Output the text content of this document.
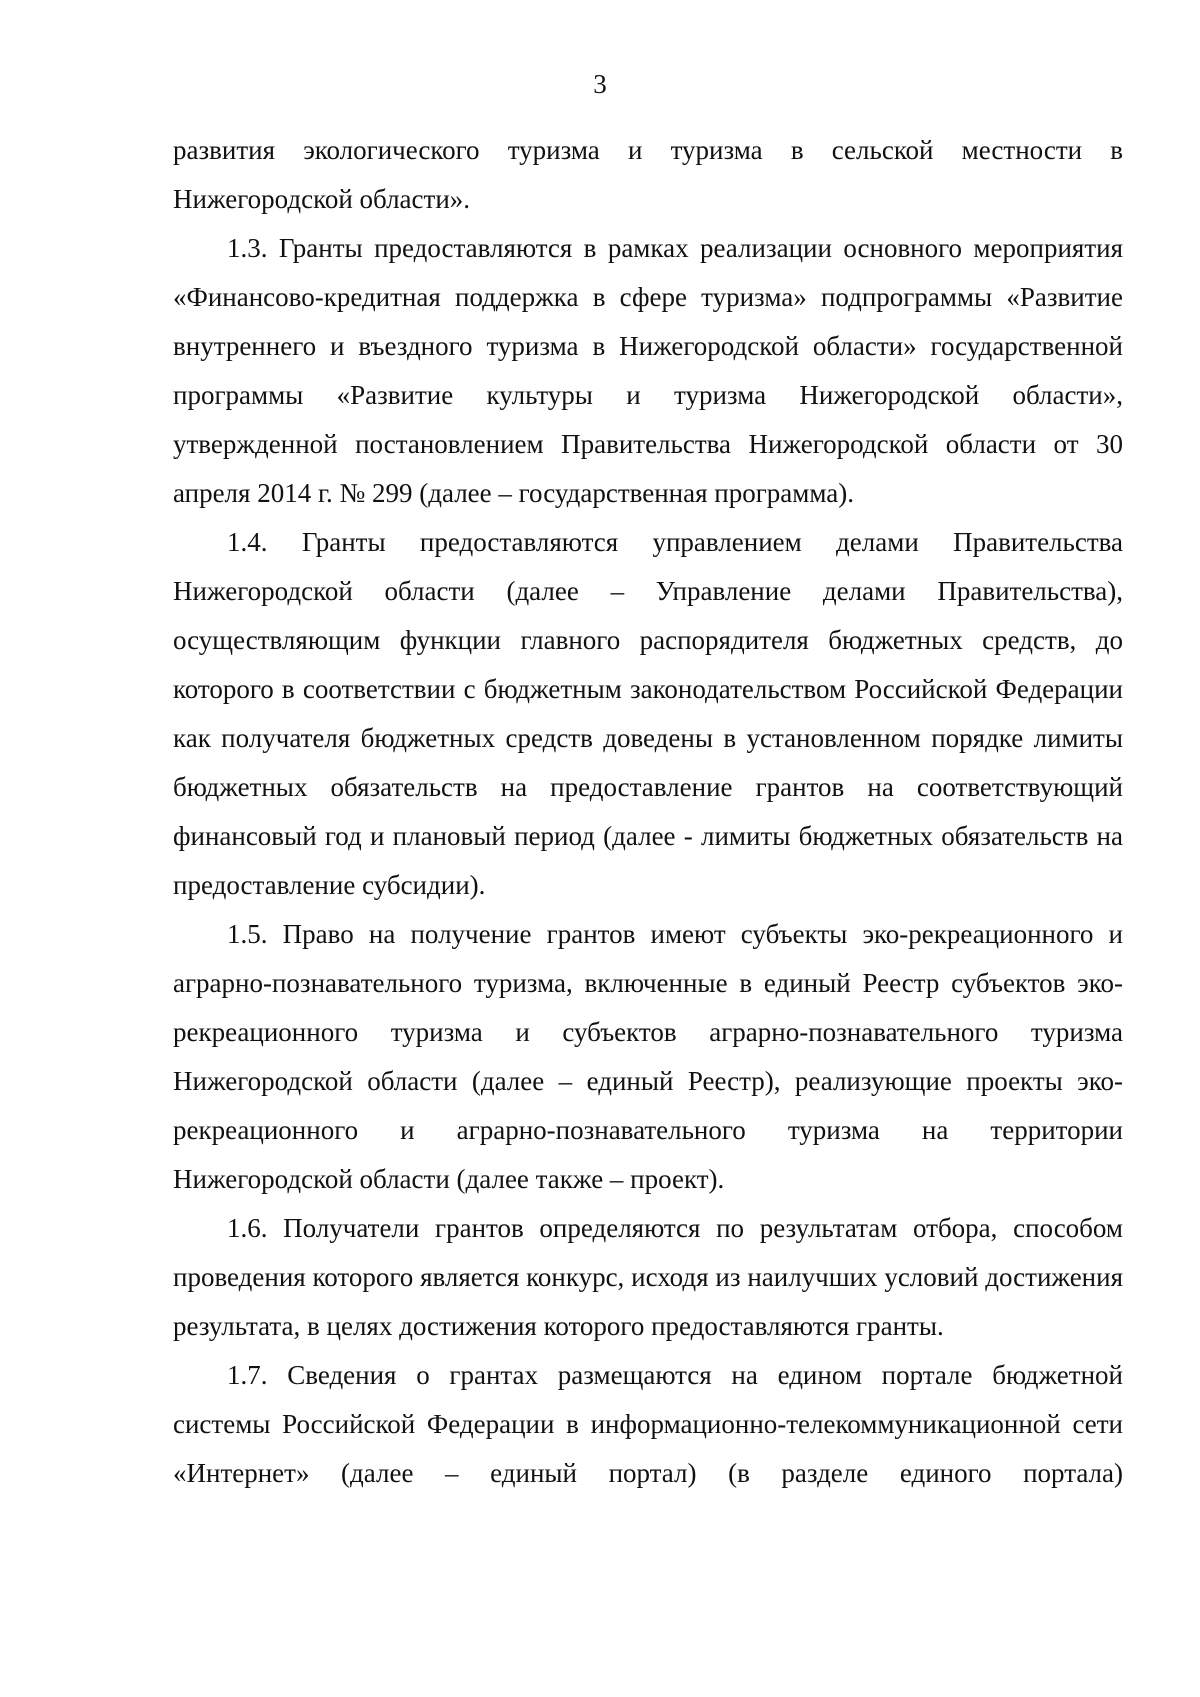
3

развития экологического туризма и туризма в сельской местности в Нижегородской области».

1.3. Гранты предоставляются в рамках реализации основного мероприятия «Финансово-кредитная поддержка в сфере туризма» подпрограммы «Развитие внутреннего и въездного туризма в Нижегородской области» государственной программы «Развитие культуры и туризма Нижегородской области», утвержденной постановлением Правительства Нижегородской области от 30 апреля 2014 г. № 299 (далее – государственная программа).

1.4. Гранты предоставляются управлением делами Правительства Нижегородской области (далее – Управление делами Правительства), осуществляющим функции главного распорядителя бюджетных средств, до которого в соответствии с бюджетным законодательством Российской Федерации как получателя бюджетных средств доведены в установленном порядке лимиты бюджетных обязательств на предоставление грантов на соответствующий финансовый год и плановый период (далее - лимиты бюджетных обязательств на предоставление субсидии).

1.5. Право на получение грантов имеют субъекты эко-рекреационного и аграрно-познавательного туризма, включенные в единый Реестр субъектов эко-рекреационного туризма и субъектов аграрно-познавательного туризма Нижегородской области (далее – единый Реестр), реализующие проекты эко-рекреационного и аграрно-познавательного туризма на территории Нижегородской области (далее также – проект).

1.6. Получатели грантов определяются по результатам отбора, способом проведения которого является конкурс, исходя из наилучших условий достижения результата, в целях достижения которого предоставляются гранты.

1.7. Сведения о грантах размещаются на едином портале бюджетной системы Российской Федерации в информационно-телекоммуникационной сети «Интернет» (далее – единый портал) (в разделе единого портала)
